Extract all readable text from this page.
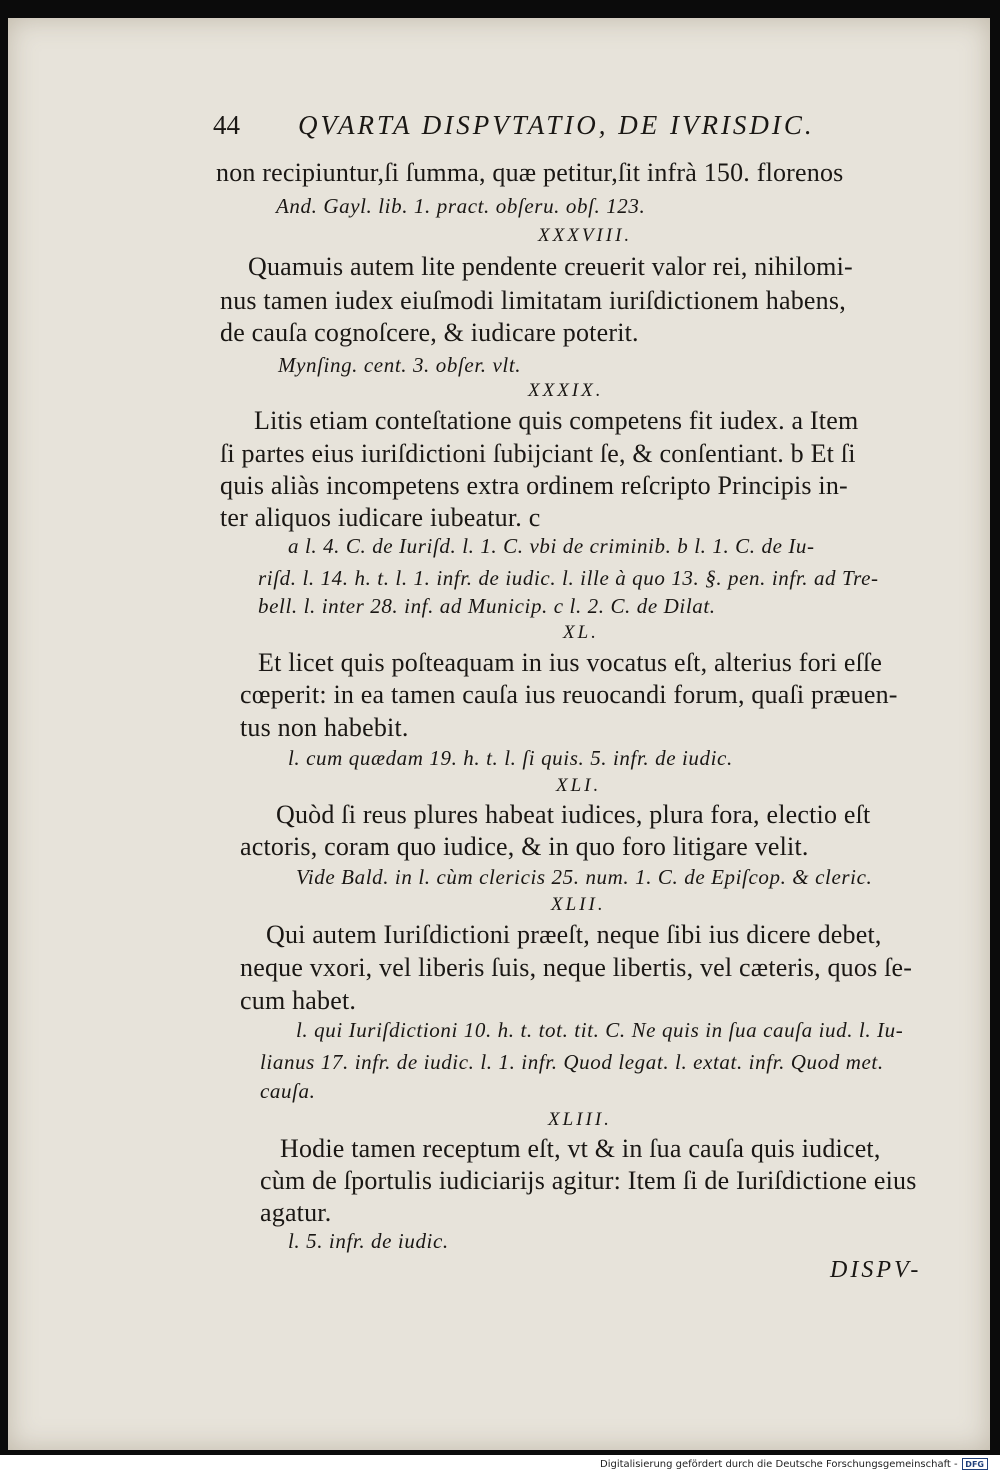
44 QVARTA DISPVTATIO, DE IVRISDIC.

non recipiuntur,ſi ſumma, quæ petitur,ſit infrà 150. florenos

And. Gayl. lib. 1. pract. obſeru. obſ. 123.

XXXVIII.

Quamuis autem lite pendente creuerit valor rei, nihilomi-

nus tamen iudex eiuſmodi limitatam iuriſdictionem habens,

de cauſa cognoſcere, & iudicare poterit.

Mynſing. cent. 3. obſer. vlt.

XXXIX.

Litis etiam conteſtatione quis competens fit iudex. a Item

ſi partes eius iuriſdictioni ſubijciant ſe, & conſentiant. b Et ſi

quis aliàs incompetens extra ordinem reſcripto Principis in-

ter aliquos iudicare iubeatur. c

a l. 4. C. de Iuriſd. l. 1. C. vbi de criminib. b l. 1. C. de Iu-

riſd. l. 14. h. t. l. 1. infr. de iudic. l. ille à quo 13. §. pen. infr. ad Tre-

bell. l. inter 28. inf. ad Municip. c l. 2. C. de Dilat.

XL.

Et licet quis poſteaquam in ius vocatus eſt, alterius fori eſſe

cœperit: in ea tamen cauſa ius reuocandi forum, quaſi præuen-

tus non habebit.

l. cum quædam 19. h. t. l. ſi quis. 5. infr. de iudic.

XLI.

Quòd ſi reus plures habeat iudices, plura fora, electio eſt

actoris, coram quo iudice, & in quo foro litigare velit.

Vide Bald. in l. cùm clericis 25. num. 1. C. de Epiſcop. & cleric.

XLII.

Qui autem Iuriſdictioni præeſt, neque ſibi ius dicere debet,

neque vxori, vel liberis ſuis, neque libertis, vel cæteris, quos ſe-

cum habet.

l. qui Iuriſdictioni 10. h. t. tot. tit. C. Ne quis in ſua cauſa iud. l. Iu-

lianus 17. infr. de iudic. l. 1. infr. Quod legat. l. extat. infr. Quod met.

cauſa.

XLIII.

Hodie tamen receptum eſt, vt & in ſua cauſa quis iudicet,

cùm de ſportulis iudiciarijs agitur: Item ſi de Iuriſdictione eius

agatur.

l. 5. infr. de iudic.

DISPV-
Digitalisierung gefördert durch die Deutsche Forschungsgemeinschaft - DFG
